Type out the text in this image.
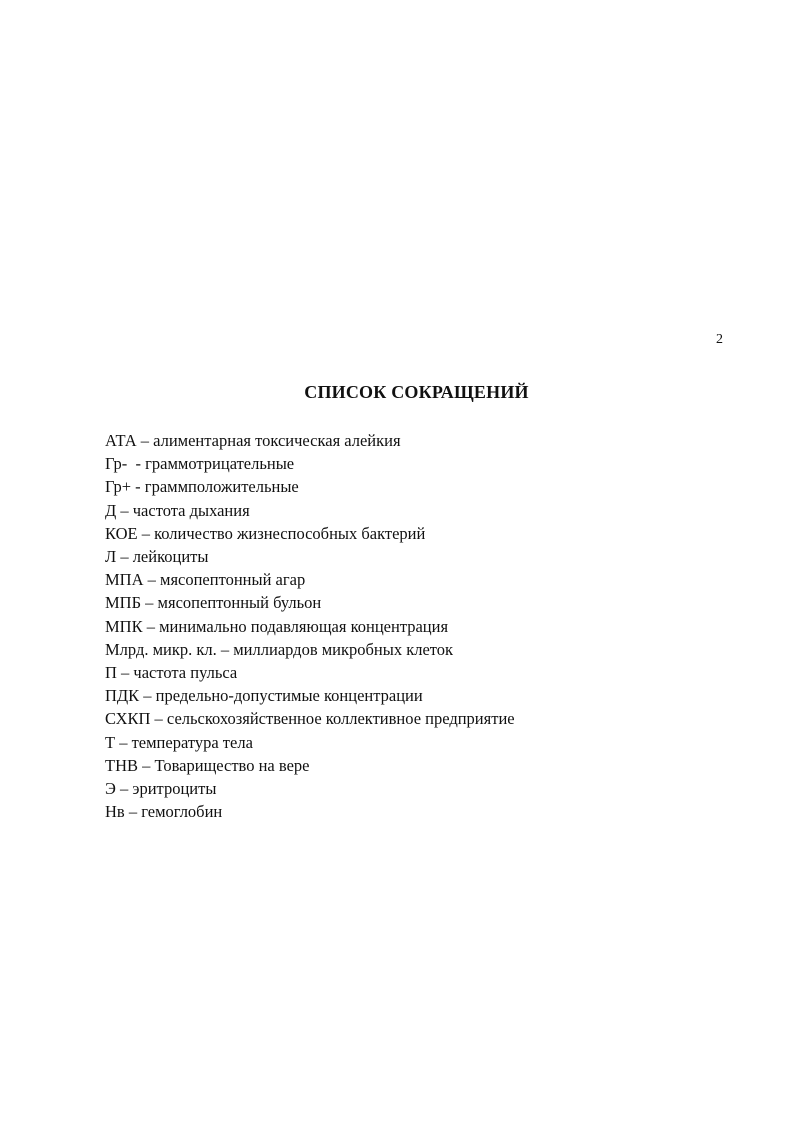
2
СПИСОК СОКРАЩЕНИЙ
АТА – алиментарная токсическая алейкия
Гр-  - граммотрицательные
Гр+ - граммположительные
Д – частота дыхания
КОЕ – количество жизнеспособных бактерий
Л – лейкоциты
МПА – мясопептонный агар
МПБ – мясопептонный бульон
МПК – минимально подавляющая концентрация
Млрд. микр. кл. – миллиардов микробных клеток
П – частота пульса
ПДК – предельно-допустимые концентрации
СХКП – сельскохозяйственное коллективное предприятие
Т – температура тела
ТНВ – Товарищество на вере
Э – эритроциты
Нв – гемоглобин
